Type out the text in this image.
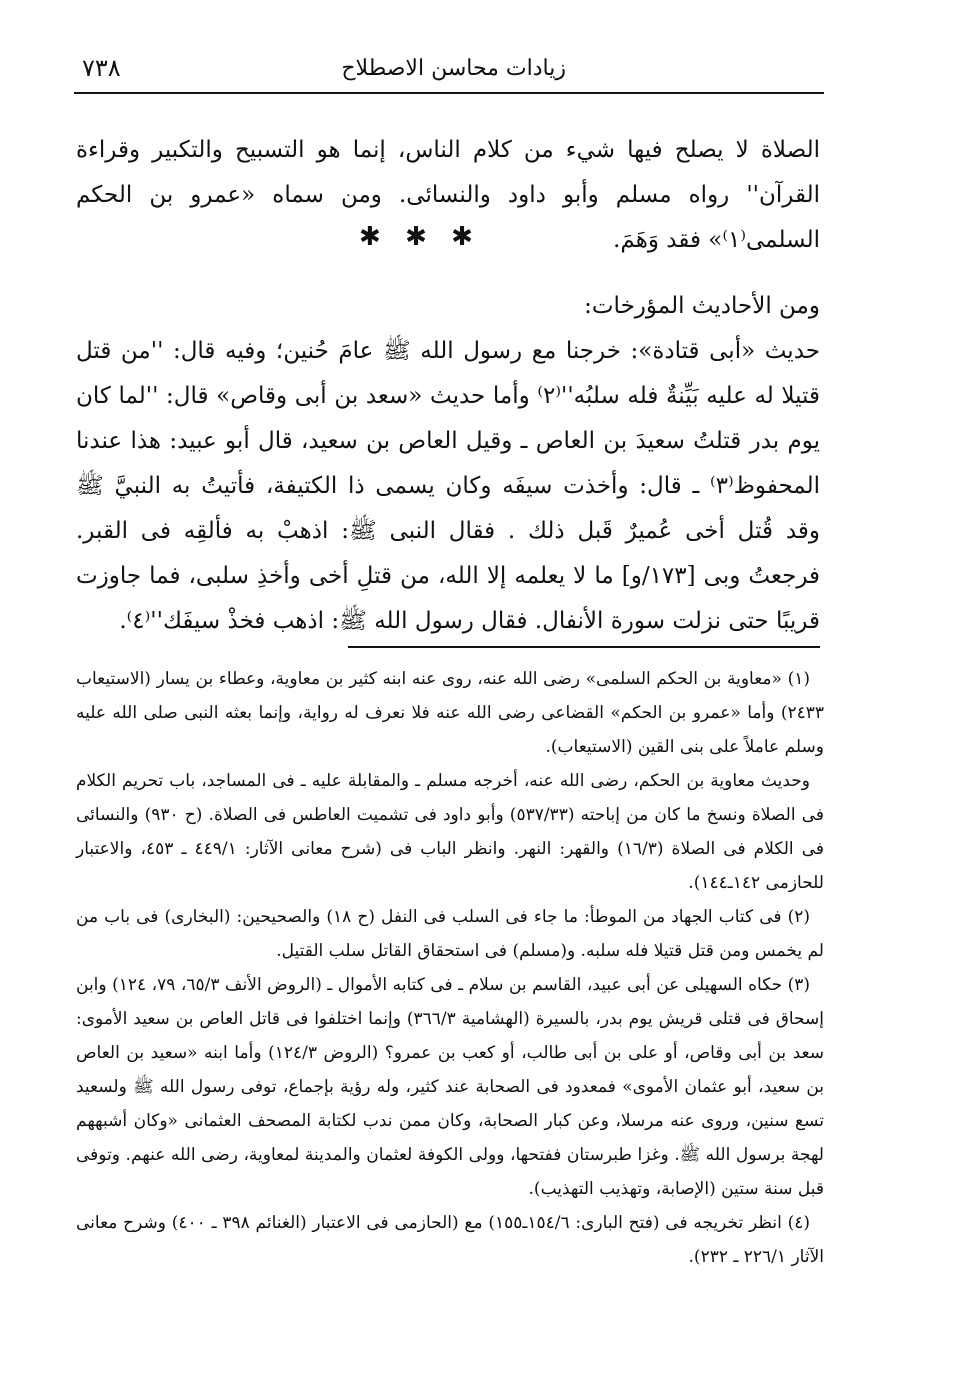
زيادات محاسن الاصطلاح
٧٣٨

الصلاة لا يصلح فيها شيء من كلام الناس، إنما هو التسبيح والتكبير وقراءة القرآن'' رواه مسلم وأبو داود والنسائى. ومن سماه «عمرو بن الحكم السلمى⁽١⁾» فقد وَهَمَ.

✱ ✱ ✱

ومن الأحاديث المؤرخات:

حديث «أبى قتادة»: خرجنا مع رسول الله ﷺ عامَ حُنين؛ وفيه قال: ''من قتل قتيلا له عليه بَيِّنةٌ فله سلبُه''⁽٢⁾ وأما حديث «سعد بن أبى وقاص» قال: ''لما كان يوم بدر قتلتُ سعيدَ بن العاص ـ وقيل العاص بن سعيد، قال أبو عبيد: هذا عندنا المحفوظ⁽٣⁾ ـ قال: وأخذت سيفَه وكان يسمى ذا الكتيفة، فأتيتُ به النبيَّ ﷺ وقد قُتل أخى عُميرٌ قَبل ذلك . فقال النبى ﷺ: اذهبْ به فألقِه فى القبر. فرجعتُ وبى [١٧٣/و] ما لا يعلمه إلا الله، من قتلِ أخى وأخذِ سلبى، فما جاوزت قريبًا حتى نزلت سورة الأنفال. فقال رسول الله ﷺ: اذهب فخذْ سيفَك''⁽٤⁾.

(١) «معاوية بن الحكم السلمى» رضى الله عنه، روى عنه ابنه كثير بن معاوية، وعطاء بن يسار (الاستيعاب ٢٤٣٣) وأما «عمرو بن الحكم» القضاعى رضى الله عنه فلا نعرف له رواية، وإنما بعثه النبى صلى الله عليه وسلم عاملاً على بنى القين (الاستيعاب).

وحديث معاوية بن الحكم، رضى الله عنه، أخرجه مسلم ـ والمقابلة عليه ـ فى المساجد، باب تحريم الكلام فى الصلاة ونسخ ما كان من إباحته (٥٣٧/٣٣) وأبو داود فى تشميت العاطس فى الصلاة. (ح ٩٣٠) والنسائى فى الكلام فى الصلاة (١٦/٣) والقهر: النهر. وانظر الباب فى (شرح معانى الآثار: ٤٤٩/١ ـ ٤٥٣، والاعتبار للحازمى ١٤٢ـ١٤٤).

(٢) فى كتاب الجهاد من الموطأ: ما جاء فى السلب فى النفل (ح ١٨) والصحيحين: (البخارى) فى باب من لم يخمس ومن قتل قتيلا فله سلبه. و(مسلم) فى استحقاق القاتل سلب القتيل.

(٣) حكاه السهيلى عن أبى عبيد، القاسم بن سلام ـ فى كتابه الأموال ـ (الروض الأنف ٦٥/٣، ٧٩، ١٢٤) وابن إسحاق فى قتلى قريش يوم بدر، بالسيرة (الهشامية ٣٦٦/٣) وإنما اختلفوا فى قاتل العاص بن سعيد الأموى: سعد بن أبى وقاص، أو على بن أبى طالب، أو كعب بن عمرو؟ (الروض ١٢٤/٣) وأما ابنه «سعيد بن العاص بن سعيد، أبو عثمان الأموى» فمعدود فى الصحابة عند كثير، وله رؤية بإجماع، توفى رسول الله ﷺ ولسعيد تسع سنين، وروى عنه مرسلا، وعن كبار الصحابة، وكان ممن ندب لكتابة المصحف العثمانى «وكان أشبههم لهجة برسول الله ﷺ. وغزا طبرستان ففتحها، وولى الكوفة لعثمان والمدينة لمعاوية، رضى الله عنهم. وتوفى قبل سنة ستين (الإصابة، وتهذيب التهذيب).

(٤) انظر تخريجه فى (فتح البارى: ١٥٤/٦ـ١٥٥) مع (الحازمى فى الاعتبار (الغنائم ٣٩٨ ـ ٤٠٠) وشرح معانى الآثار ٢٢٦/١ ـ ٢٣٢).
